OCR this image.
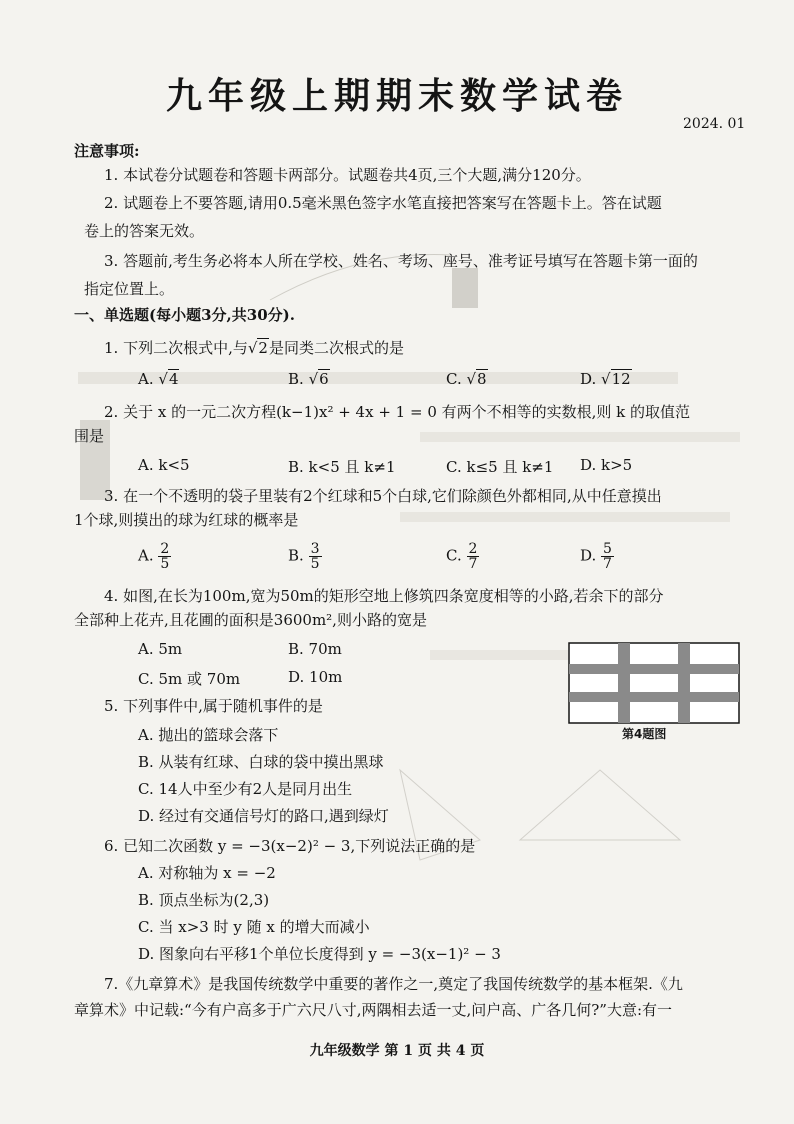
九年级上期期末数学试卷
2024. 01
注意事项:
1. 本试卷分试题卷和答题卡两部分。试题卷共4页,三个大题,满分120分。
2. 试题卷上不要答题,请用0.5毫米黑色签字水笔直接把答案写在答题卡上。答在试题
卷上的答案无效。
3. 答题前,考生务必将本人所在学校、姓名、考场、座号、准考证号填写在答题卡第一面的
指定位置上。
一、单选题(每小题3分,共30分).
1. 下列二次根式中,与√2是同类二次根式的是
A. √4	B. √6	C. √8	D. √12
2. 关于 x 的一元二次方程(k−1)x² + 4x + 1 = 0 有两个不相等的实数根,则 k 的取值范
围是
A. k<5	B. k<5 且 k≠1	C. k≤5 且 k≠1 D. k>5
3. 在一个不透明的袋子里装有2个红球和5个白球,它们除颜色外都相同,从中任意摸出
1个球,则摸出的球为红球的概率是
A. $\frac{2}{5}$	B. $\frac{3}{5}$	C. $\frac{2}{7}$	D. $\frac{5}{7}$
4. 如图,在长为100m,宽为50m的矩形空地上修筑四条宽度相等的小路,若余下的部分
全部种上花卉,且花圃的面积是3600m²,则小路的宽是
A. 5m	B. 70m
C. 5m 或 70m	D. 10m
第4题图
5. 下列事件中,属于随机事件的是
A. 抛出的篮球会落下
B. 从装有红球、白球的袋中摸出黑球
C. 14人中至少有2人是同月出生
D. 经过有交通信号灯的路口,遇到绿灯
6. 已知二次函数 y = −3(x−2)² − 3,下列说法正确的是
A. 对称轴为 x = −2
B. 顶点坐标为(2,3)
C. 当 x>3 时 y 随 x 的增大而减小
D. 图象向右平移1个单位长度得到 y = −3(x−1)² − 3
7.《九章算术》是我国传统数学中重要的著作之一,奠定了我国传统数学的基本框架.《九
章算术》中记载:“今有户高多于广六尺八寸,两隅相去适一丈,问户高、广各几何?”大意:有一
九年级数学 第 1 页 共 4 页
